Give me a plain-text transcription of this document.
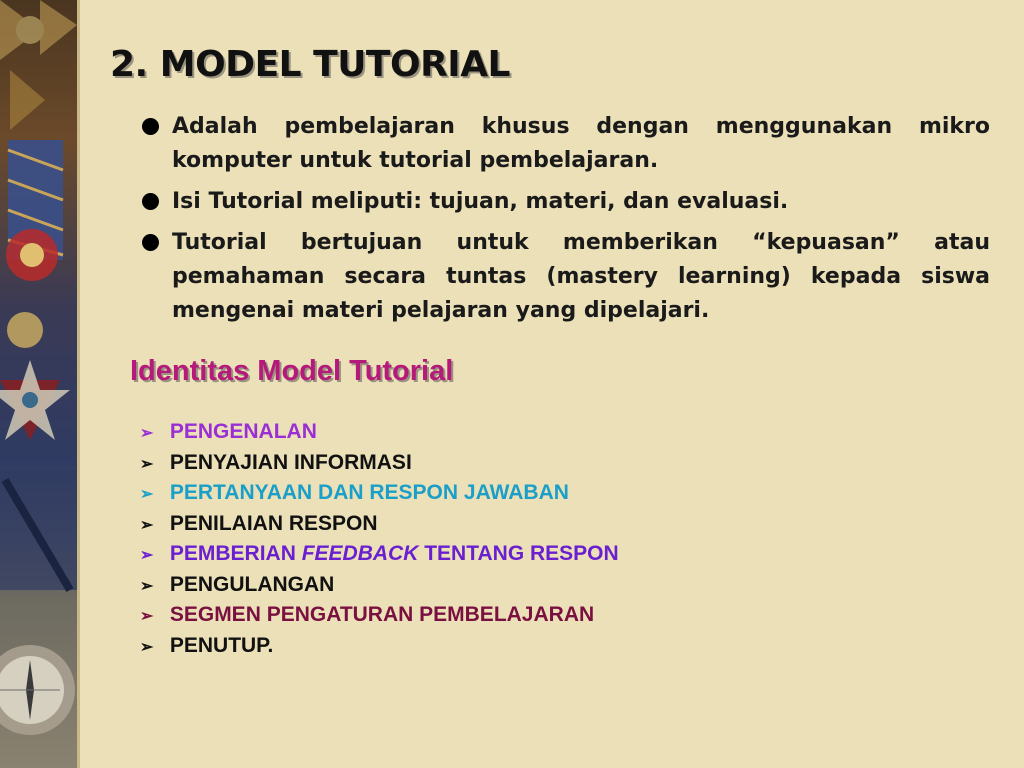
2. MODEL TUTORIAL
Adalah pembelajaran khusus dengan menggunakan mikro komputer untuk tutorial pembelajaran.
Isi Tutorial meliputi: tujuan, materi, dan evaluasi.
Tutorial bertujuan untuk memberikan “kepuasan” atau pemahaman secara tuntas (mastery learning) kepada siswa mengenai materi pelajaran yang dipelajari.
Identitas Model Tutorial
➢ PENGENALAN
➢ PENYAJIAN INFORMASI
➢ PERTANYAAN DAN RESPON JAWABAN
➢ PENILAIAN RESPON
➢ PEMBERIAN FEEDBACK TENTANG RESPON
➢ PENGULANGAN
➢ SEGMEN PENGATURAN PEMBELAJARAN
➢ PENUTUP.
